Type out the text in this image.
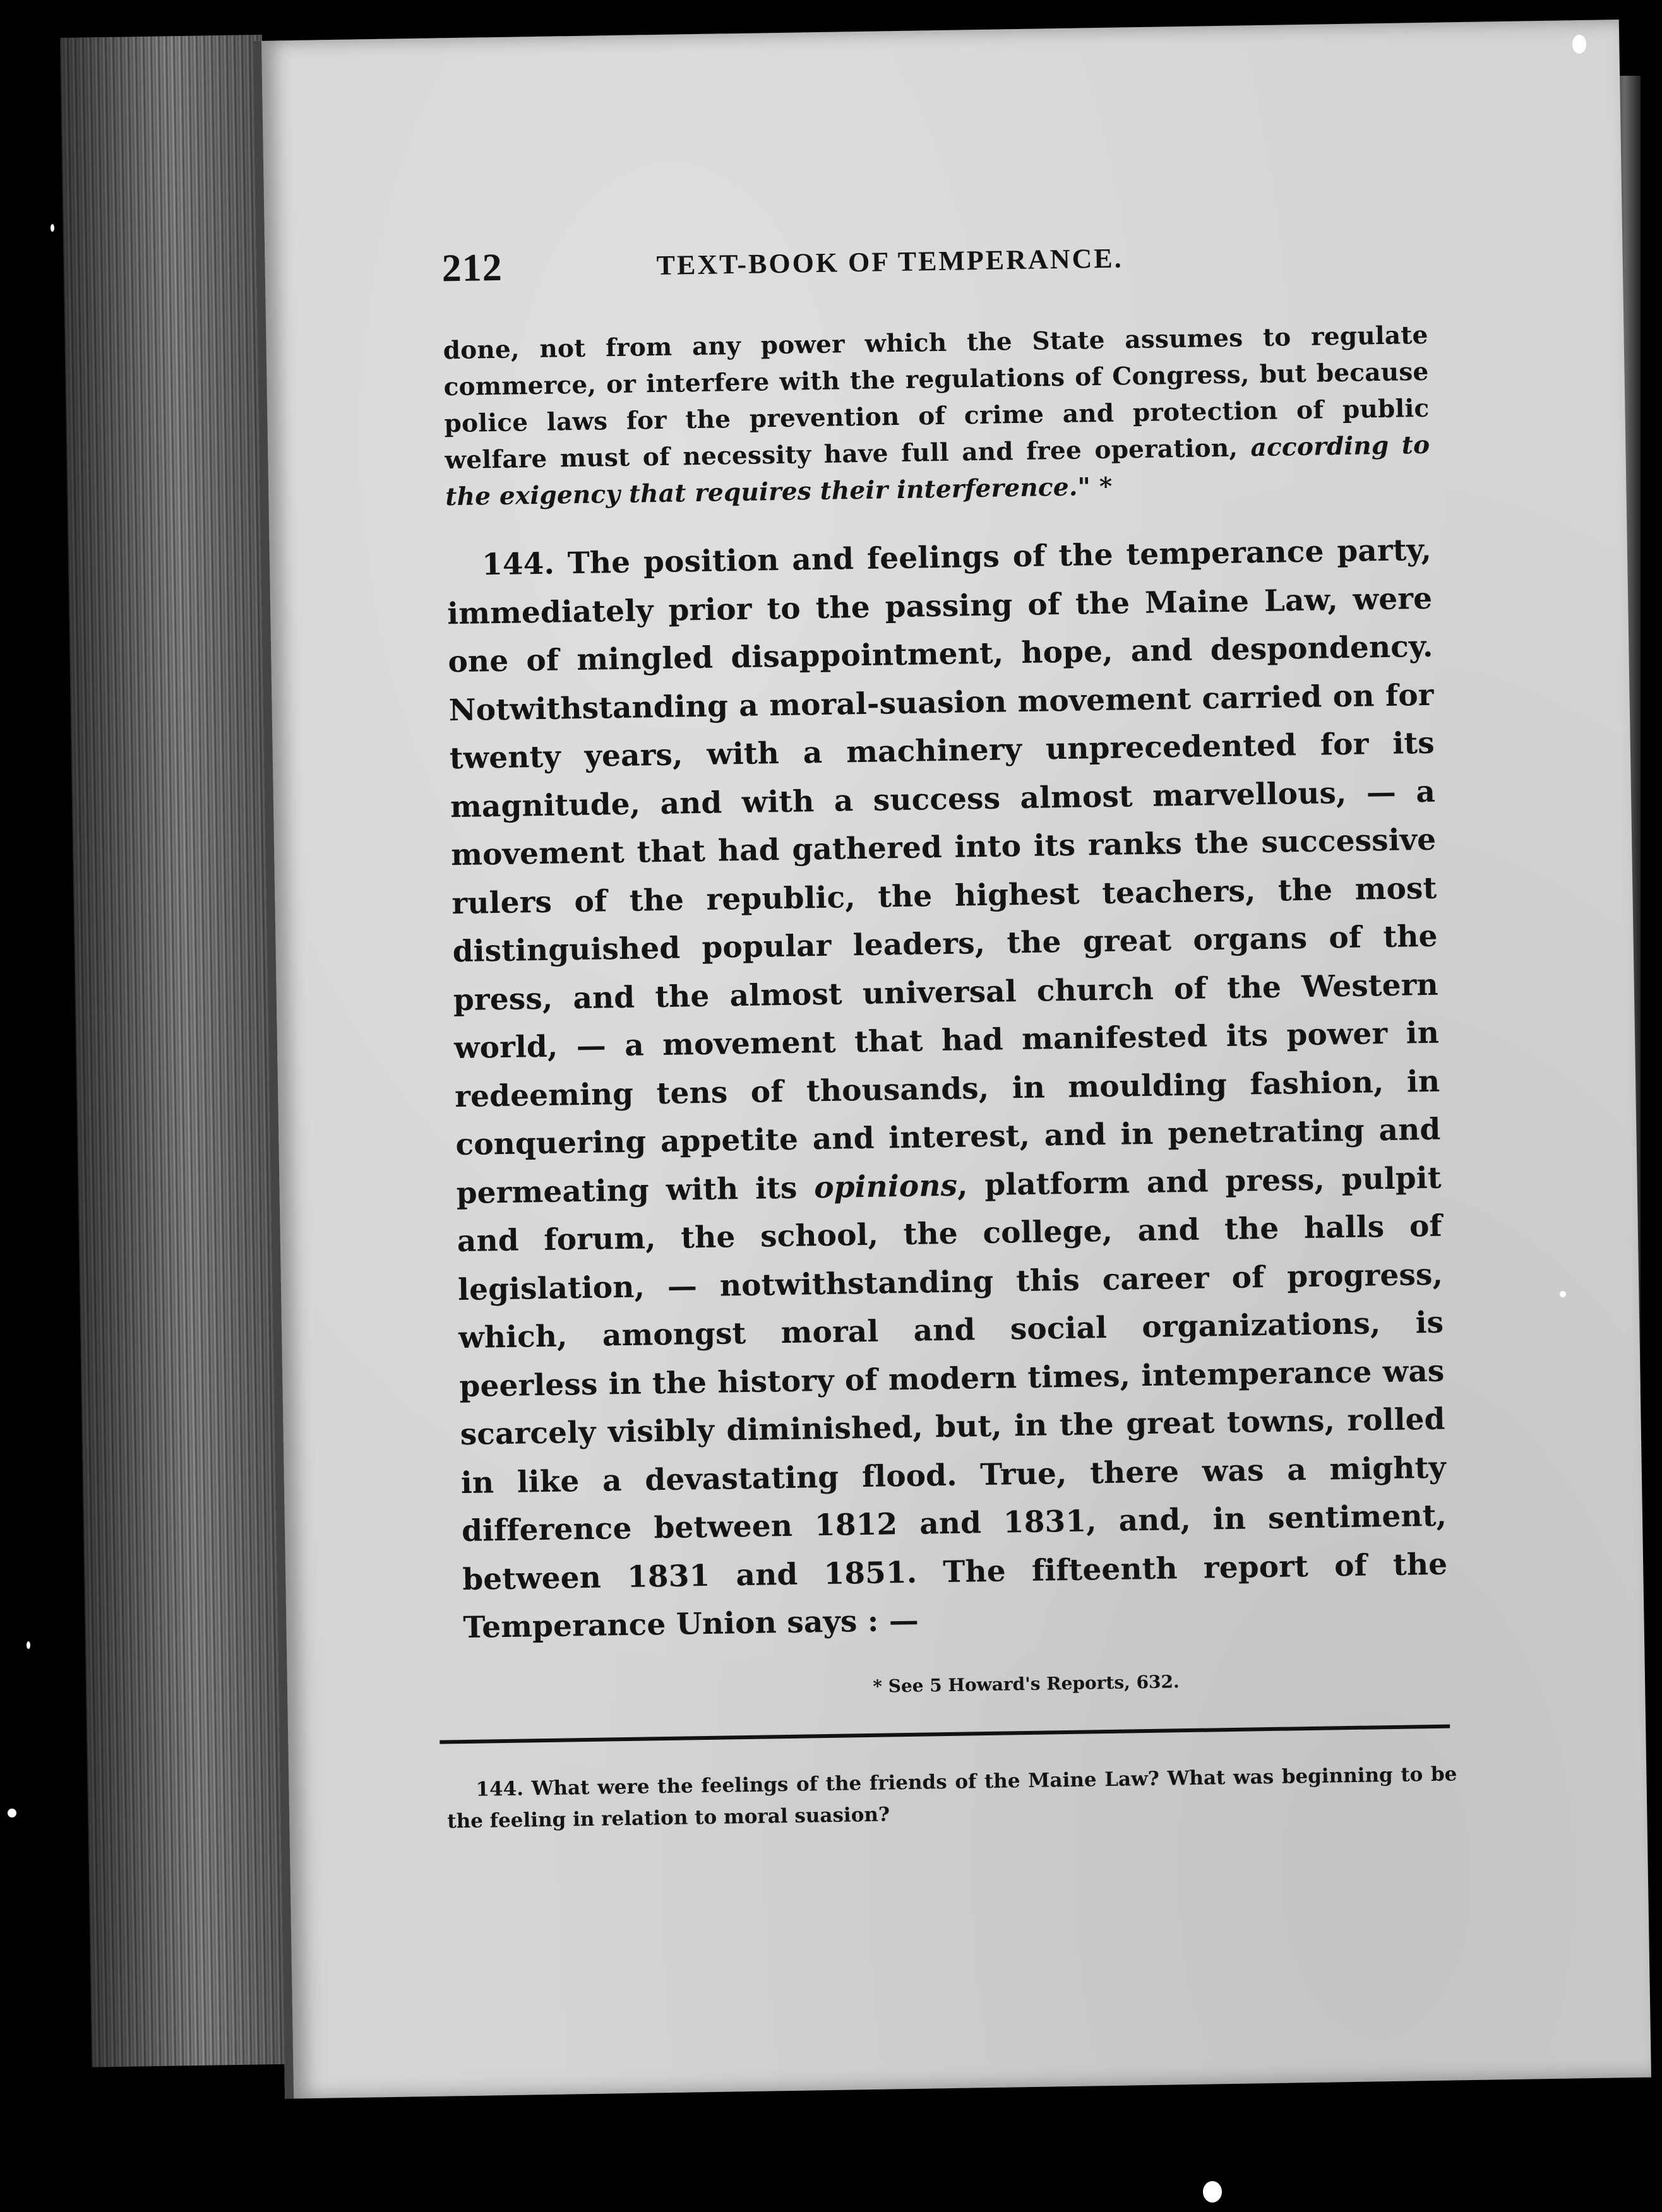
212	TEXT-BOOK OF TEMPERANCE.

done, not from any power which the State assumes to regulate commerce, or interfere with the regulations of Congress, but because police laws for the prevention of crime and protection of public welfare must of necessity have full and free operation, according to the exigency that requires their interference." *

144. The position and feelings of the temperance party, immediately prior to the passing of the Maine Law, were one of mingled disappointment, hope, and despondency. Notwithstanding a moral-suasion movement carried on for twenty years, with a machinery unprecedented for its magnitude, and with a success almost marvellous, — a movement that had gathered into its ranks the successive rulers of the republic, the highest teachers, the most distinguished popular leaders, the great organs of the press, and the almost universal church of the Western world, — a movement that had manifested its power in redeeming tens of thousands, in moulding fashion, in conquering appetite and interest, and in penetrating and permeating with its opinions, platform and press, pulpit and forum, the school, the college, and the halls of legislation, — notwithstanding this career of progress, which, amongst moral and social organizations, is peerless in the history of modern times, intemperance was scarcely visibly diminished, but, in the great towns, rolled in like a devastating flood. True, there was a mighty difference between 1812 and 1831, and, in sentiment, between 1831 and 1851. The fifteenth report of the Temperance Union says : —

* See 5 Howard's Reports, 632.

144. What were the feelings of the friends of the Maine Law? What was beginning to be the feeling in relation to moral suasion?
